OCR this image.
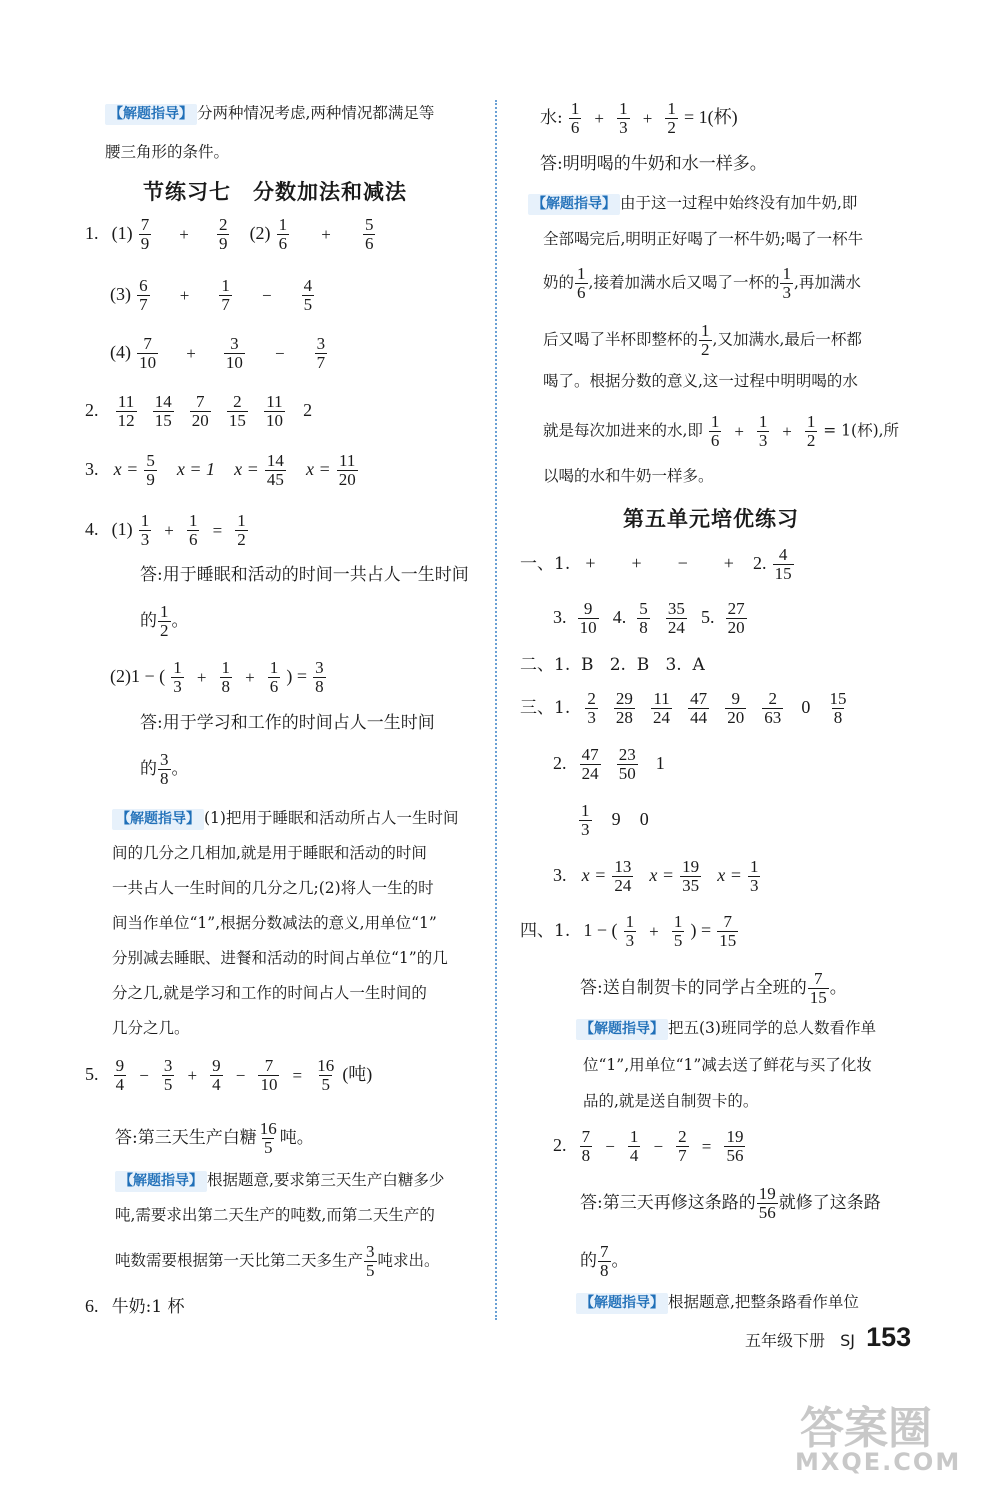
【解题指导】 分两种情况考虑,两种情况都满足等
腰三角形的条件。
节练习七　分数加法和减法
1. $(1) \frac{7}{9} + \frac{2}{9} (2) \frac{1}{6} + \frac{5}{6}$
$(3) \frac{6}{7} + \frac{1}{7} - \frac{4}{5}$
$(4) \frac{7}{10} + \frac{3}{10} - \frac{3}{7}$
2. $\frac{11}{12}$
$\frac{14}{15}$
$\frac{7}{20}$
$\frac{2}{15}$
$\frac{11}{10} 2$
3. $x = \frac{5}{9}$ x = 1 $x = \frac{14}{45}$ $x = \frac{11}{20}$
4. $(1) \frac{1}{3} + \frac{1}{6} = \frac{1}{2}$
答:用于睡眠和活动的时间一共占人一生时间
的 $\frac{1}{2}$ 。
(2)1 − ( $\frac{1}{3} + \frac{1}{8} + \frac{1}{6}$ ) = $\frac{3}{8}$
答:用于学习和工作的时间占人一生时间
的 $\frac{3}{8}$ 。
【解题指导】 (1)把用于睡眠和活动所占人一生时间
间的几分之几相加,就是用于睡眠和活动的时间
一共占人一生时间的几分之几;(2)将人一生的时
间当作单位“1”,根据分数减法的意义,用单位“1”
分别减去睡眠、进餐和活动的时间占单位“1”的几
分之几,就是学习和工作的时间占人一生时间的
几分之几。
5. $\frac{9}{4} - \frac{3}{5} + \frac{9}{4} - \frac{7}{10} = \frac{16}{5}$ (吨)
答:第三天生产白糖 $\frac{16}{5}$ 吨。
【解题指导】 根据题意,要求第三天生产白糖多少
吨,需要求出第二天生产的吨数,而第二天生产的
吨数需要根据第一天比第二天多生产 $\frac{3}{5}$ 吨求出。
6. 牛奶:1 杯
水: $\frac{1}{6} + \frac{1}{3} + \frac{1}{2} = 1$(杯)
答:明明喝的牛奶和水一样多。
【解题指导】 由于这一过程中始终没有加牛奶,即
全部喝完后,明明正好喝了一杯牛奶;喝了一杯牛
奶的 $\frac{1}{6}$ ,接着加满水后又喝了一杯的 $\frac{1}{3}$ ,再加满水
后又喝了半杯即整杯的 $\frac{1}{2}$ ,又加满水,最后一杯都
喝了。根据分数的意义,这一过程中明明喝的水
就是每次加进来的水,即 $\frac{1}{6} + \frac{1}{3} + \frac{1}{2} = 1$(杯),所
以喝的水和牛奶一样多。
第五单元培优练习
一、1. +　　+　　−　　+ 2. $\frac{4}{15}$
3. $\frac{9}{10} 4$. $\frac{5}{8}$
$\frac{35}{24} 5$. $\frac{27}{20}$
二、1.  B   2.  B   3.  A
三、1. $\frac{2}{3}$
$\frac{29}{28}$
$\frac{11}{24}$
$\frac{47}{44}$
$\frac{9}{20}$
$\frac{2}{63} 0 \frac{15}{8}$
2. $\frac{47}{24}$
$\frac{23}{50} 1$
$\frac{1}{3} 9$ 0
3. $x = \frac{13}{24}$ $x = \frac{19}{35}$ $x = \frac{1}{3}$
四、1. 1 − ( $\frac{1}{3} + \frac{1}{5}$ ) = $\frac{7}{15}$
答:送自制贺卡的同学占全班的 $\frac{7}{15}$ 。
【解题指导】 把五(3)班同学的总人数看作单
位“1”,用单位“1”减去送了鲜花与买了化妆
品的,就是送自制贺卡的。
2. $\frac{7}{8} - \frac{1}{4} - \frac{2}{7} = \frac{19}{56}$
答:第三天再修这条路的 $\frac{19}{56}$ 就修了这条路
的 $\frac{7}{8}$ 。
【解题指导】 根据题意,把整条路看作单位
五年级下册 SJ 153
答案圈
MXQE.COM
